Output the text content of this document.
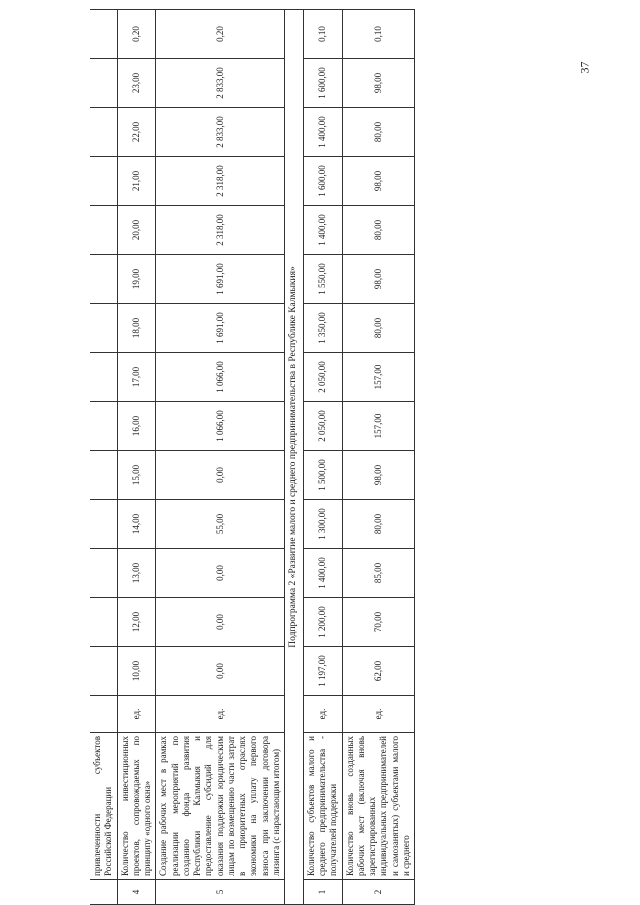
37
	привлеченности субъектов Российской Федерации															
4	Количество инвестиционных проектов, сопровождаемых по принципу «одного окна»	ед.	10,00	12,00	13,00	14,00	15,00	16,00	17,00	18,00	19,00	20,00	21,00	22,00	23,00	0,20
5	Создание рабочих мест в рамках реализации мероприятий по созданию фонда развития Республики Калмыкия и предоставление субсидий для оказания поддержки юридическим лицам по возмещению части затрат в приоритетных отраслях экономики на уплату первого взноса при заключении договора лизинга (с нарастающим итогом)	ед.	0,00	0,00	0,00	55,00	0,00	1 066,00	1 066,00	1 691,00	1 691,00	2 318,00	2 318,00	2 833,00	2 833,00	0,20
Подпрограмма 2 «Развитие малого и среднего предпринимательства в Республике Калмыкия»																
1	Количество субъектов малого и среднего предпринимательства - получателей поддержки	ед.	1 197,00	1 200,00	1 400,00	1 300,00	1 500,00	2 050,00	2 050,00	1 350,00	1 550,00	1 400,00	1 600,00	1 400,00	1 600,00	0,10
2	Количество вновь созданных рабочих мест (включая вновь зарегистрированных индивидуальных предпринимателей и самозанятых) субъектами малого и среднего	ед.	62,00	70,00	85,00	80,00	98,00	157,00	157,00	80,00	98,00	80,00	98,00	80,00	98,00	0,10
